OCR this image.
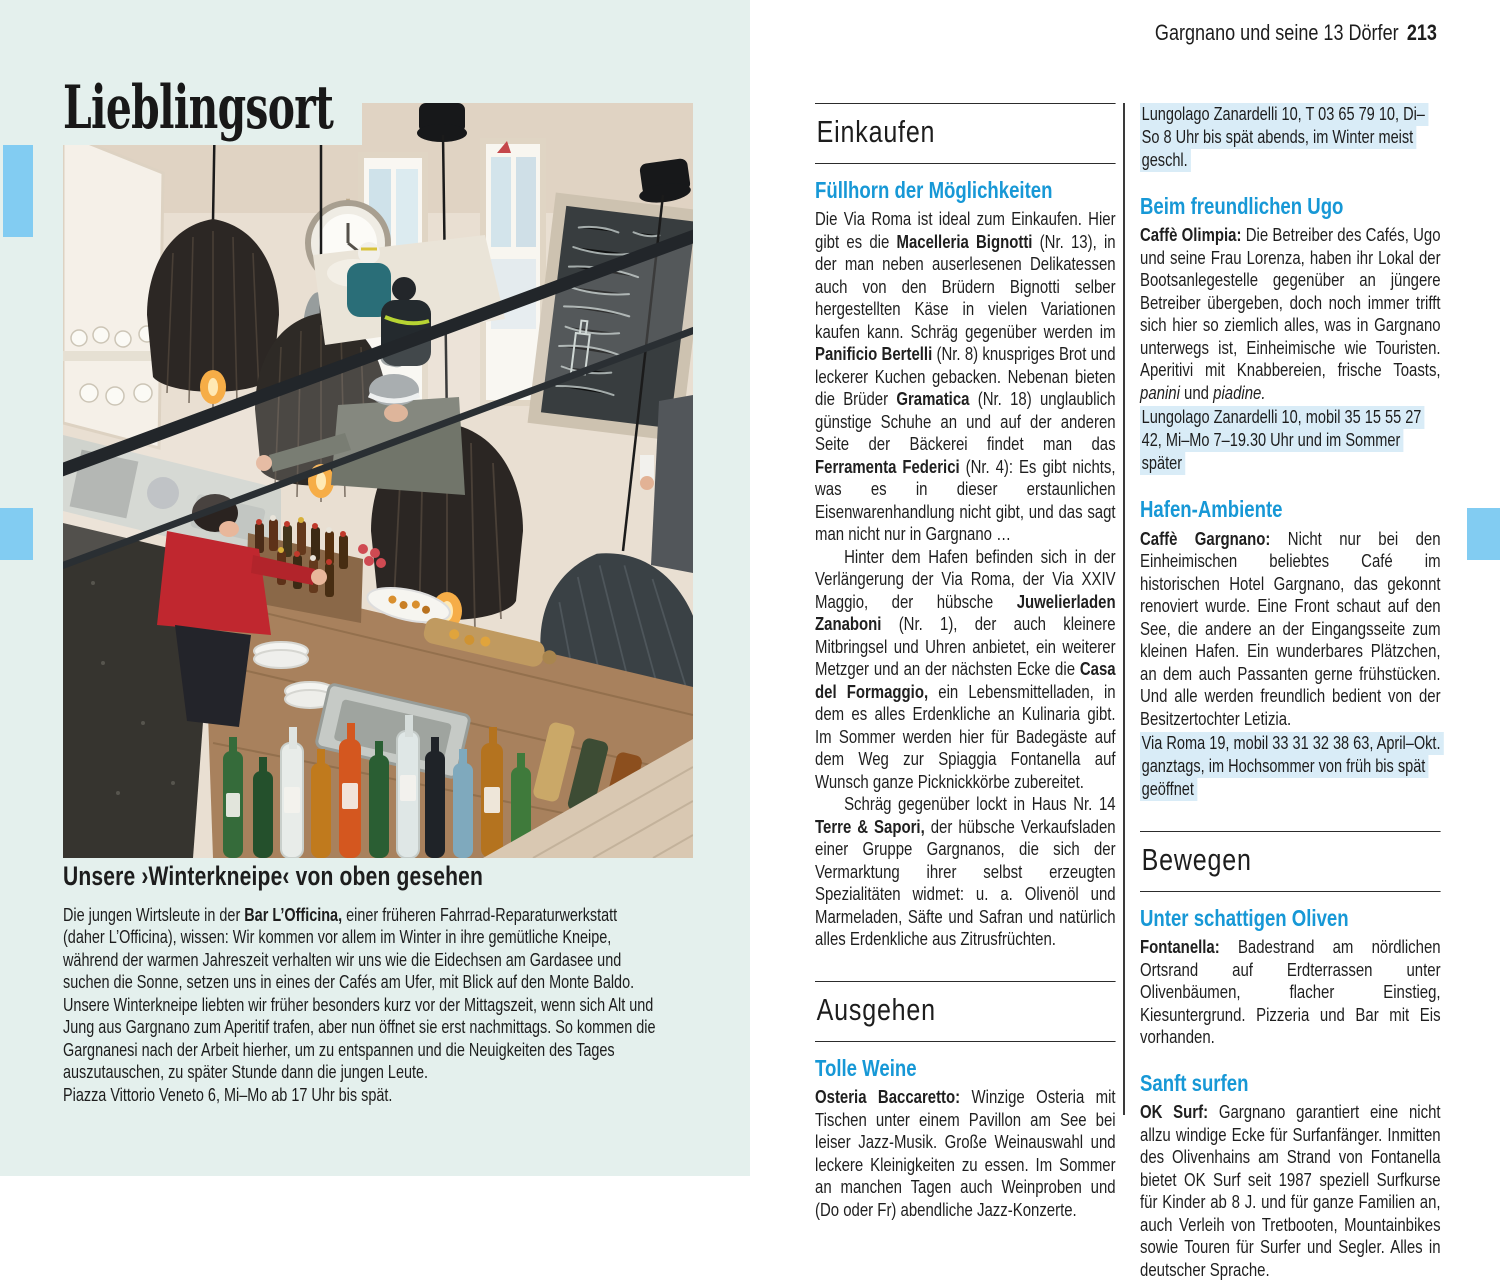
Lieblingsort
Unsere ›Winterkneipe‹ von oben gesehen

Die jungen Wirtsleute in der Bar L’Officina, einer früheren Fahrrad-Reparaturwerkstatt (daher L’Officina), wissen: Wir kommen vor allem im Winter in ihre gemütliche Kneipe, während der warmen Jahreszeit verhalten wir uns wie die Eidechsen am Gardasee und suchen die Sonne, setzen uns in eines der Cafés am Ufer, mit Blick auf den Monte Baldo. Unsere Winterkneipe liebten wir früher besonders kurz vor der Mittagszeit, wenn sich Alt und Jung aus Gargnano zum Aperitif trafen, aber nun öffnet sie erst nachmittags. So kommen die Gargnanesi nach der Arbeit hierher, um zu entspannen und die Neuigkeiten des Tages auszutauschen, zu später Stunde dann die jungen Leute.

Piazza Vittorio Veneto 6, Mi–Mo ab 17 Uhr bis spät.

Gargnano und seine 13 Dörfer 213
Einkaufen
Füllhorn der Möglichkeiten

Die Via Roma ist ideal zum Einkaufen. Hier gibt es die Macelleria Bignotti (Nr. 13), in der man neben auserlesenen Delikatessen auch von den Brüdern Bignotti selber hergestellten Käse in vielen Variationen kaufen kann. Schräg gegenüber werden im Panificio Bertelli (Nr. 8) knuspriges Brot und leckerer Kuchen gebacken. Nebenan bieten die Brüder Gramatica (Nr. 18) unglaublich günstige Schuhe an und auf der anderen Seite der Bäckerei findet man das Ferramenta Federici (Nr. 4): Es gibt nichts, was es in dieser erstaunlichen Eisenwarenhandlung nicht gibt, und das sagt man nicht nur in Gargnano …

Hinter dem Hafen befinden sich in der Verlängerung der Via Roma, der Via XXIV Maggio, der hübsche Juwelierladen Zanaboni (Nr. 1), der auch kleinere Mitbringsel und Uhren anbietet, ein weiterer Metzger und an der nächsten Ecke die Casa del Formaggio, ein Lebensmittelladen, in dem es alles Erdenkliche an Kulinaria gibt. Im Sommer werden hier für Badegäste auf dem Weg zur Spiaggia Fontanella auf Wunsch ganze Picknickkörbe zubereitet.

Schräg gegenüber lockt in Haus Nr. 14 Terre & Sapori, der hübsche Verkaufsladen einer Gruppe Gargnanos, die sich der Vermarktung ihrer selbst erzeugten Spezialitäten widmet: u. a. Olivenöl und Marmeladen, Säfte und Safran und natürlich alles Erdenkliche aus Zitrusfrüchten.

Ausgehen
Tolle Weine

Osteria Baccaretto: Winzige Osteria mit Tischen unter einem Pavillon am See bei leiser Jazz-Musik. Große Weinauswahl und leckere Kleinigkeiten zu essen. Im Sommer an manchen Tagen auch Weinproben und (Do oder Fr) abendliche Jazz-Konzerte.

Lungolago Zanardelli 10, T 03 65 79 10, Di–So 8 Uhr bis spät abends, im Winter meist geschl.
Beim freundlichen Ugo

Caffè Olimpia: Die Betreiber des Cafés, Ugo und seine Frau Lorenza, haben ihr Lokal der Bootsanlegestelle gegenüber an jüngere Betreiber übergeben, doch noch immer trifft sich hier so ziemlich alles, was in Gargnano unterwegs ist, Einheimische wie Touristen. Aperitivi mit Knabbereien, frische Toasts, panini und piadine.

Lungolago Zanardelli 10, mobil 35 15 55 27 42, Mi–Mo 7–19.30 Uhr und im Sommer später
Hafen-Ambiente

Caffè Gargnano: Nicht nur bei den Einheimischen beliebtes Café im historischen Hotel Gargnano, das gekonnt renoviert wurde. Eine Front schaut auf den See, die andere an der Eingangsseite zum kleinen Hafen. Ein wunderbares Plätzchen, an dem auch Passanten gerne frühstücken. Und alle werden freundlich bedient von der Besitzertochter Letizia.

Via Roma 19, mobil 33 31 32 38 63, April–Okt. ganztags, im Hochsommer von früh bis spät geöffnet
Bewegen
Unter schattigen Oliven

Fontanella: Badestrand am nördlichen Ortsrand auf Erdterrassen unter Olivenbäumen, flacher Einstieg, Kiesuntergrund. Pizzeria und Bar mit Eis vorhanden.

Sanft surfen

OK Surf: Gargnano garantiert eine nicht allzu windige Ecke für Surfanfänger. Inmitten des Olivenhains am Strand von Fontanella bietet OK Surf seit 1987 speziell Surfkurse für Kinder ab 8 J. und für ganze Familien an, auch Verleih von Tretbooten, Mountainbikes sowie Touren für Surfer und Segler. Alles in deutscher Sprache.
